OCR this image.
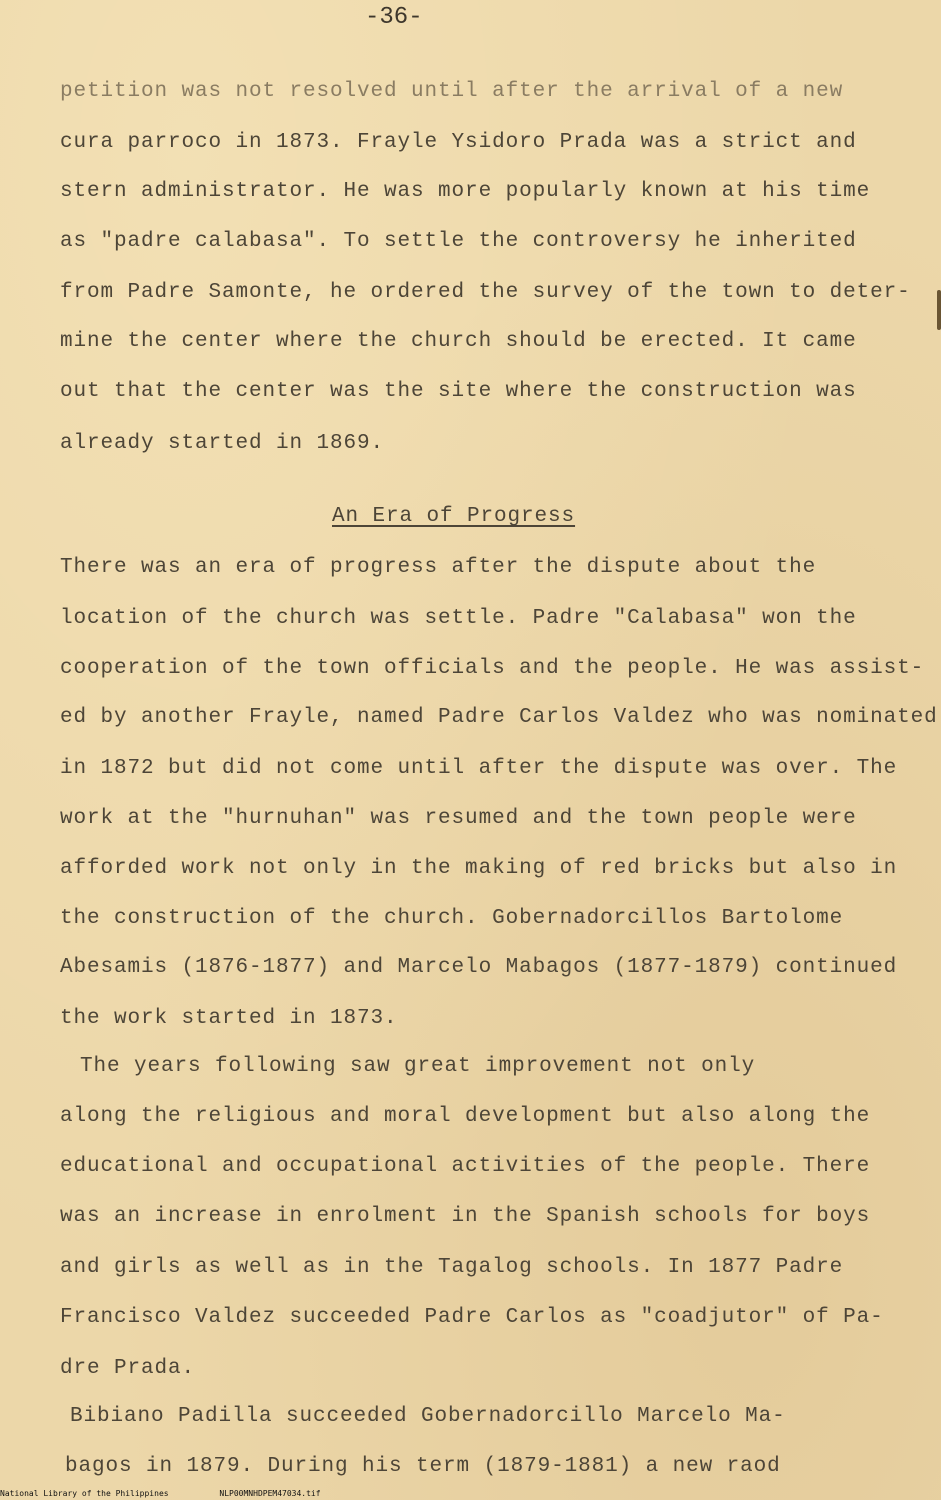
-36-
petition was not resolved until after the arrival of a new
cura parroco in 1873. Frayle Ysidoro Prada was a strict and
stern administrator. He was more popularly known at his time
as "padre calabasa". To settle the controversy he inherited
from Padre Samonte, he ordered the survey of the town to deter-
mine the center where the church should be erected. It came
out that the center was the site where the construction was
already started in 1869.
An Era of Progress
There was an era of progress after the dispute about the
location of the church was settle. Padre "Calabasa" won the
cooperation of the town officials and the people. He was assist-
ed by another Frayle, named Padre Carlos Valdez who was nominated
in 1872 but did not come until after the dispute was over. The
work at the "hurnuhan" was resumed and the town people were
afforded work not only in the making of red bricks but also in
the construction of the church. Gobernadorcillos Bartolome
Abesamis (1876-1877) and Marcelo Mabagos (1877-1879) continued
the work started in 1873.
The years following saw great improvement not only
along the religious and moral development but also along the
educational and occupational activities of the people. There
was an increase in enrolment in the Spanish schools for boys
and girls as well as in the Tagalog schools. In 1877 Padre
Francisco Valdez succeeded Padre Carlos as "coadjutor" of Pa-
dre Prada.
Bibiano Padilla succeeded Gobernadorcillo Marcelo Ma-
bagos in 1879. During his term (1879-1881) a new raod
National Library of the Philippines	NLP00MNHDPEM47034.tif
